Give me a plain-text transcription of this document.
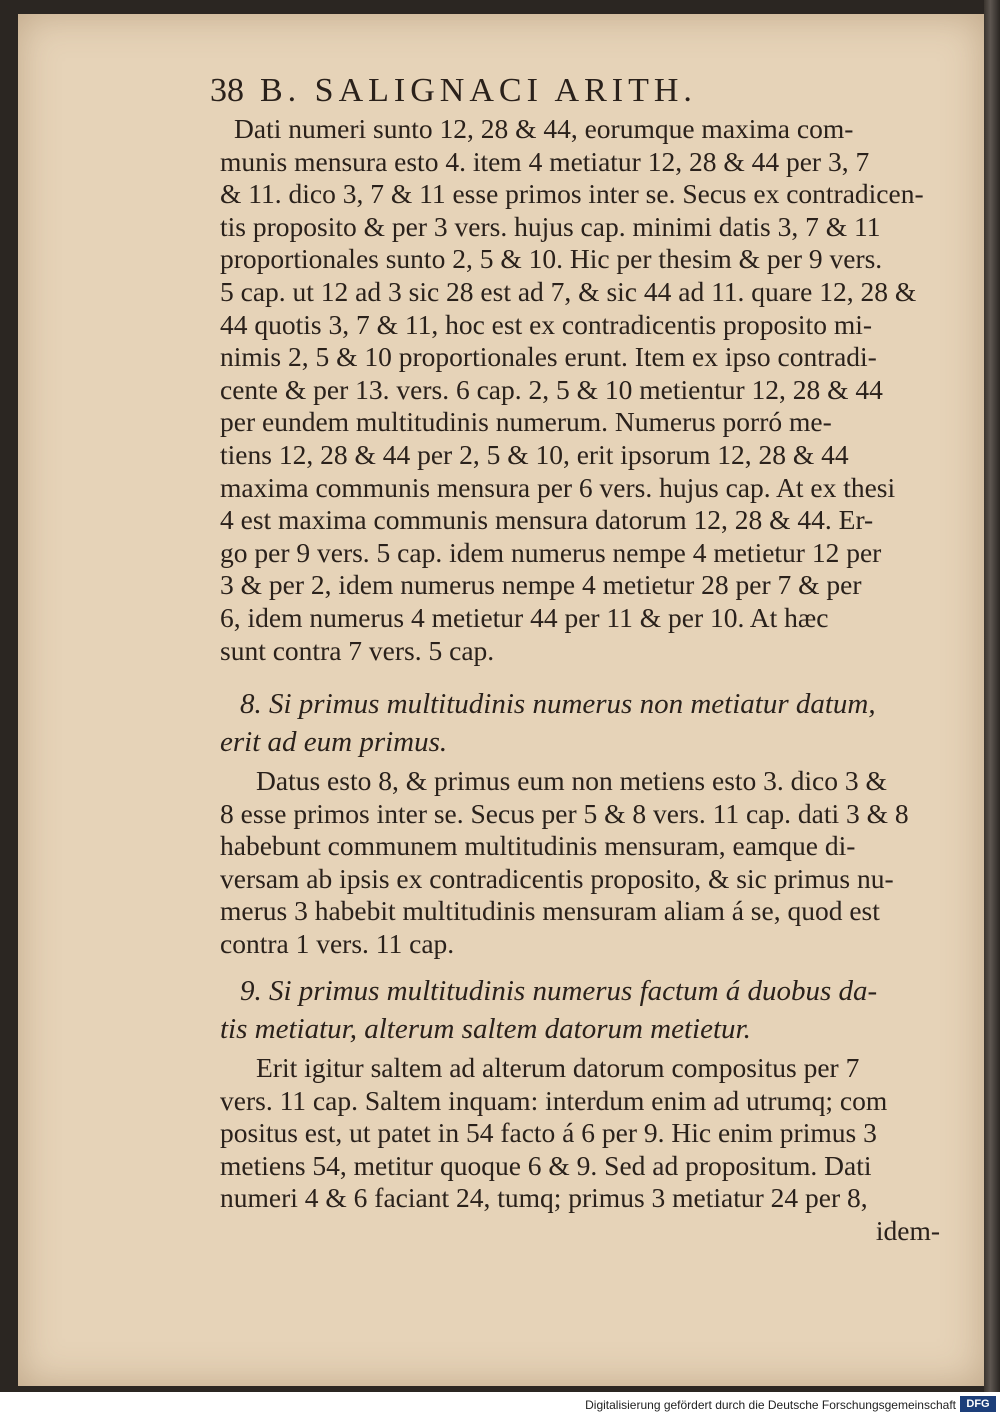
38 B. SALIGNACI ARITH.
Dati numeri sunto 12, 28 & 44, eorumque maxima com-
munis mensura esto 4. item 4 metiatur 12, 28 & 44 per 3, 7
& 11. dico 3, 7 & 11 esse primos inter se. Secus ex contradicen-
tis proposito & per 3 vers. hujus cap. minimi datis 3, 7 & 11
proportionales sunto 2, 5 & 10. Hic per thesim & per 9 vers.
5 cap. ut 12 ad 3 sic 28 est ad 7, & sic 44 ad 11. quare 12, 28 &
44 quotis 3, 7 & 11, hoc est ex contradicentis proposito mi-
nimis 2, 5 & 10 proportionales erunt. Item ex ipso contradi-
cente & per 13. vers. 6 cap. 2, 5 & 10 metientur 12, 28 & 44
per eundem multitudinis numerum. Numerus porró me-
tiens 12, 28 & 44 per 2, 5 & 10, erit ipsorum 12, 28 & 44
maxima communis mensura per 6 vers. hujus cap. At ex thesi
4 est maxima communis mensura datorum 12, 28 & 44. Er-
go per 9 vers. 5 cap. idem numerus nempe 4 metietur 12 per
3 & per 2, idem numerus nempe 4 metietur 28 per 7 & per
6, idem numerus 4 metietur 44 per 11 & per 10. At hæc
sunt contra 7 vers. 5 cap.
8. Si primus multitudinis numerus non metiatur datum,
erit ad eum primus.
Datus esto 8, & primus eum non metiens esto 3. dico 3 &
8 esse primos inter se. Secus per 5 & 8 vers. 11 cap. dati 3 & 8
habebunt communem multitudinis mensuram, eamque di-
versam ab ipsis ex contradicentis proposito, & sic primus nu-
merus 3 habebit multitudinis mensuram aliam á se, quod est
contra 1 vers. 11 cap.
9. Si primus multitudinis numerus factum á duobus da-
tis metiatur, alterum saltem datorum metietur.
Erit igitur saltem ad alterum datorum compositus per 7
vers. 11 cap. Saltem inquam: interdum enim ad utrumq; com
positus est, ut patet in 54 facto á 6 per 9. Hic enim primus 3
metiens 54, metitur quoque 6 & 9. Sed ad propositum. Dati
numeri 4 & 6 faciant 24, tumq; primus 3 metiatur 24 per 8,
idem-
Digitalisierung gefördert durch die Deutsche Forschungsgemeinschaft DFG
